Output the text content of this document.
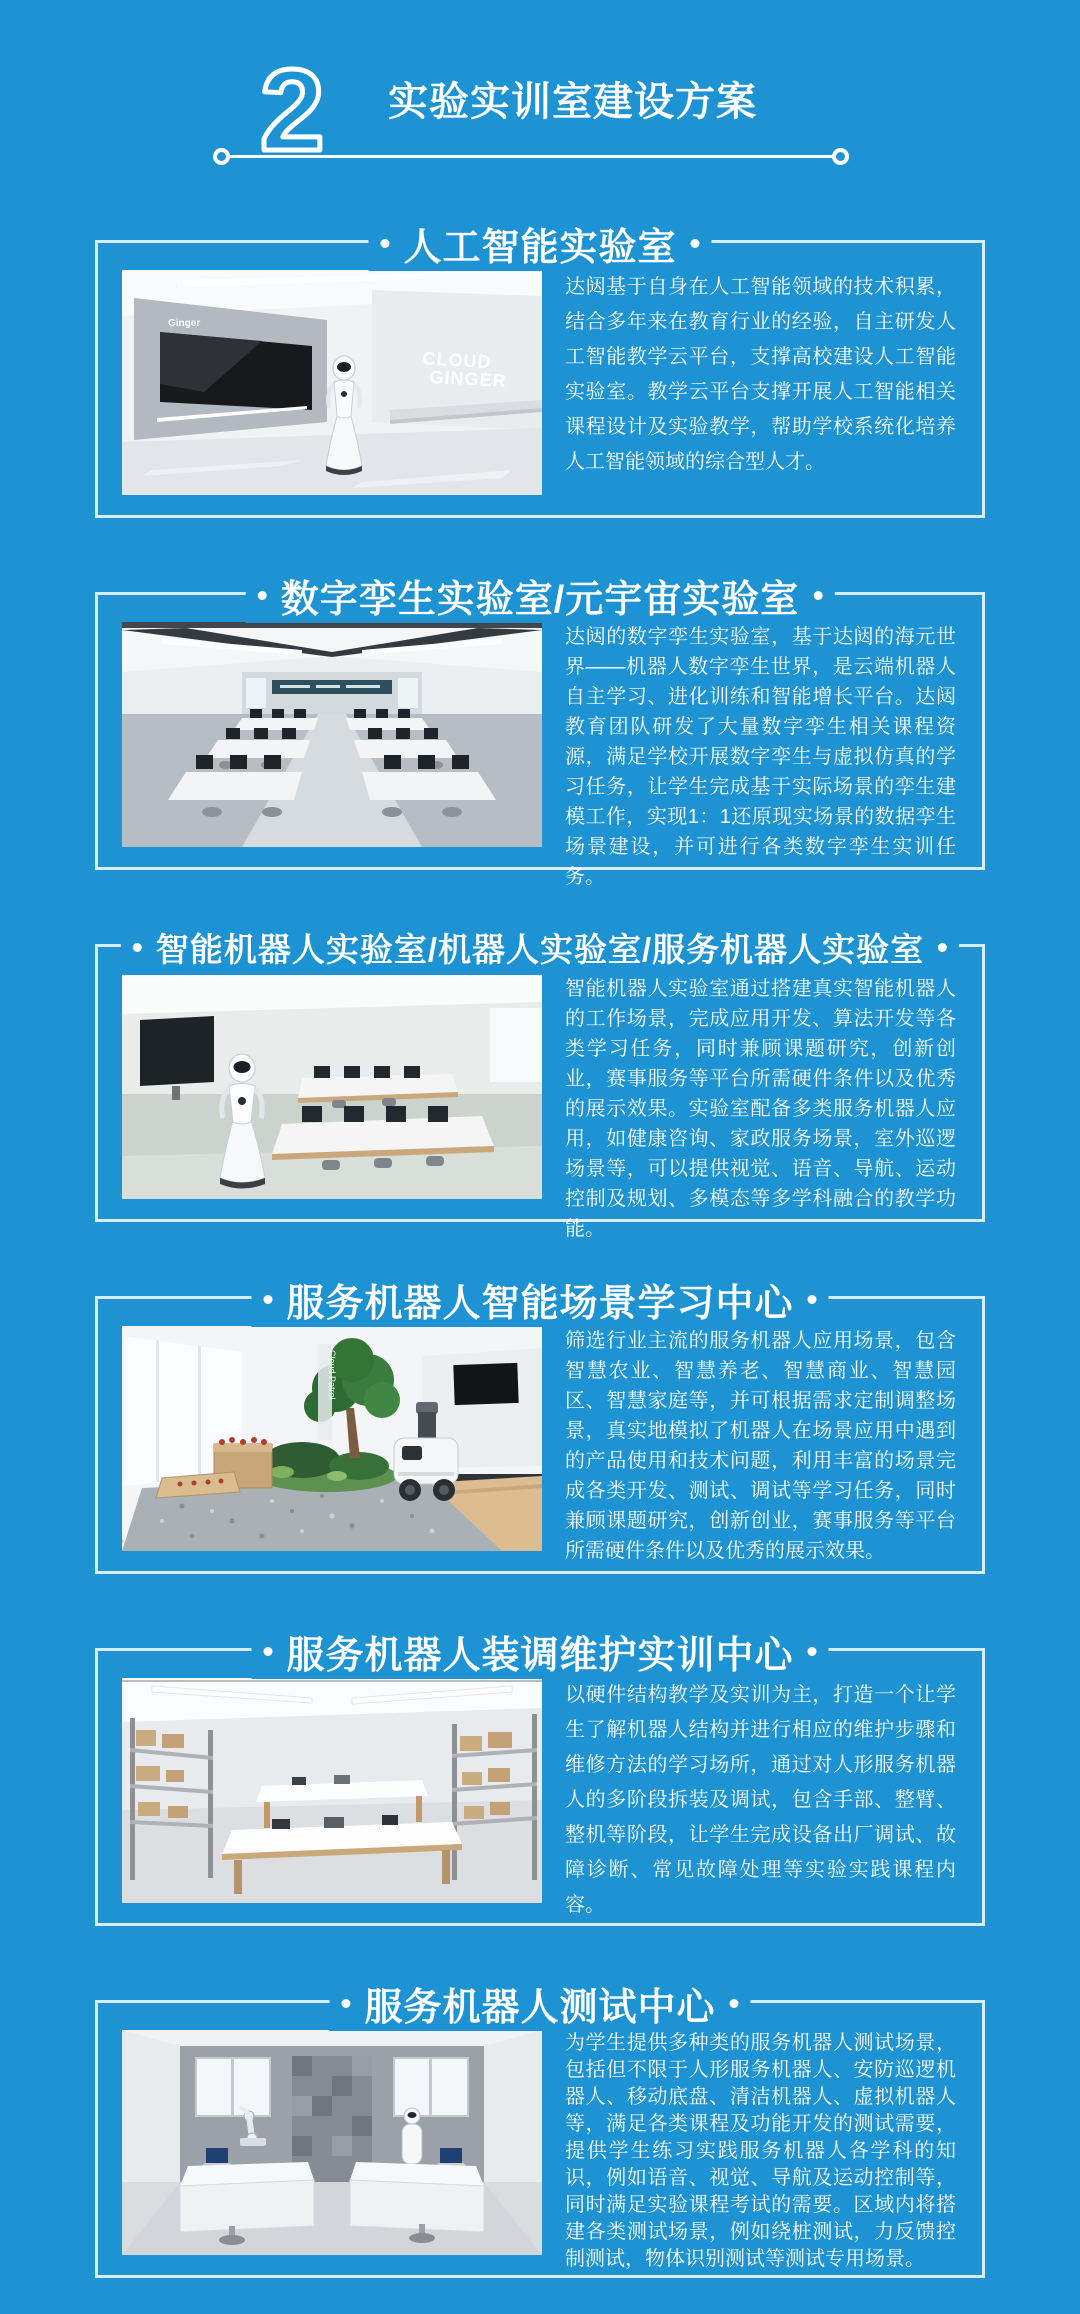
2 实验实训室建设方案
人工智能实验室
Ginger
CLOUD
GINGER

达闼基于自身在人工智能领域的技术积累，结合多年来在教育行业的经验，自主研发人工智能教学云平台，支撑高校建设人工智能实验室。教学云平台支撑开展人工智能相关课程设计及实验教学，帮助学校系统化培养人工智能领域的综合型人才。

数字孪生实验室/元宇宙实验室

达闼的数字孪生实验室，基于达闼的海元世界——机器人数字孪生世界，是云端机器人自主学习、进化训练和智能增长平台。达闼教育团队研发了大量数字孪生相关课程资源，满足学校开展数字孪生与虚拟仿真的学习任务，让学生完成基于实际场景的孪生建模工作，实现1：1还原现实场景的数据孪生场景建设，并可进行各类数字孪生实训任务。

智能机器人实验室/机器人实验室/服务机器人实验室

智能机器人实验室通过搭建真实智能机器人的工作场景，完成应用开发、算法开发等各类学习任务，同时兼顾课题研究，创新创业，赛事服务等平台所需硬件条件以及优秀的展示效果。实验室配备多类服务机器人应用，如健康咨询、家政服务场景，室外巡逻场景等，可以提供视觉、语音、导航、运动控制及规划、多模态等多学科融合的教学功能。

服务机器人智能场景学习中心
Cloud Patrol

筛选行业主流的服务机器人应用场景，包含智慧农业、智慧养老、智慧商业、智慧园区、智慧家庭等，并可根据需求定制调整场景，真实地模拟了机器人在场景应用中遇到的产品使用和技术问题，利用丰富的场景完成各类开发、测试、调试等学习任务，同时兼顾课题研究，创新创业，赛事服务等平台所需硬件条件以及优秀的展示效果。

服务机器人装调维护实训中心

以硬件结构教学及实训为主，打造一个让学生了解机器人结构并进行相应的维护步骤和维修方法的学习场所，通过对人形服务机器人的多阶段拆装及调试，包含手部、整臂、整机等阶段，让学生完成设备出厂调试、故障诊断、常见故障处理等实验实践课程内容。

服务机器人测试中心

为学生提供多种类的服务机器人测试场景，包括但不限于人形服务机器人、安防巡逻机器人、移动底盘、清洁机器人、虚拟机器人等，满足各类课程及功能开发的测试需要，提供学生练习实践服务机器人各学科的知识，例如语音、视觉、导航及运动控制等，同时满足实验课程考试的需要。区域内将搭建各类测试场景，例如绕桩测试，力反馈控制测试，物体识别测试等测试专用场景。
